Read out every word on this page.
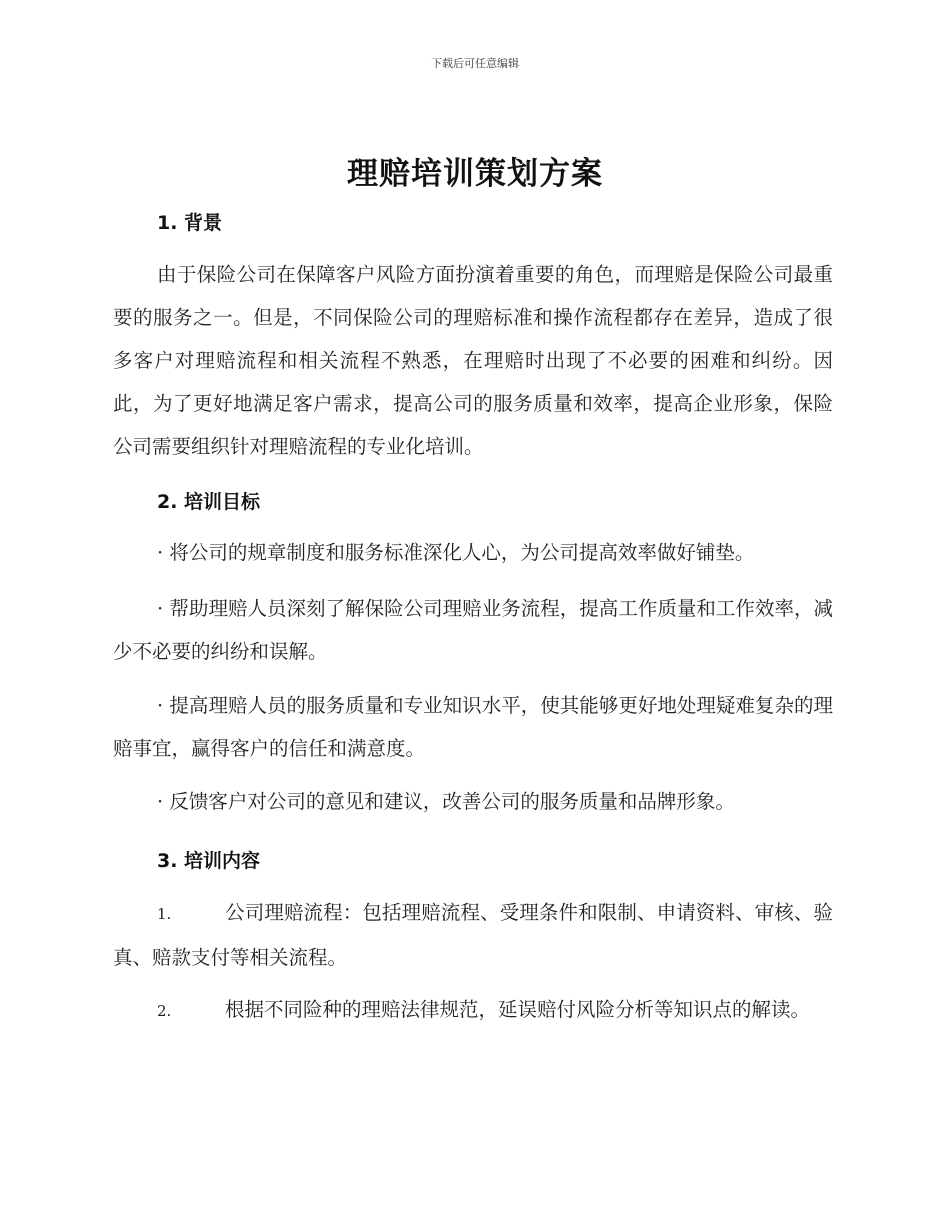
下载后可任意编辑
理赔培训策划方案
1. 背景
由于保险公司在保障客户风险方面扮演着重要的角色，而理赔是保险公司最重要的服务之一。但是，不同保险公司的理赔标准和操作流程都存在差异，造成了很多客户对理赔流程和相关流程不熟悉，在理赔时出现了不必要的困难和纠纷。因此，为了更好地满足客户需求，提高公司的服务质量和效率，提高企业形象，保险公司需要组织针对理赔流程的专业化培训。
2. 培训目标
· 将公司的规章制度和服务标准深化人心，为公司提高效率做好铺垫。
· 帮助理赔人员深刻了解保险公司理赔业务流程，提高工作质量和工作效率，减少不必要的纠纷和误解。
· 提高理赔人员的服务质量和专业知识水平，使其能够更好地处理疑难复杂的理赔事宜，赢得客户的信任和满意度。
· 反馈客户对公司的意见和建议，改善公司的服务质量和品牌形象。
3. 培训内容
1.	公司理赔流程：包括理赔流程、受理条件和限制、申请资料、审核、验真、赔款支付等相关流程。
2.	根据不同险种的理赔法律规范，延误赔付风险分析等知识点的解读。
